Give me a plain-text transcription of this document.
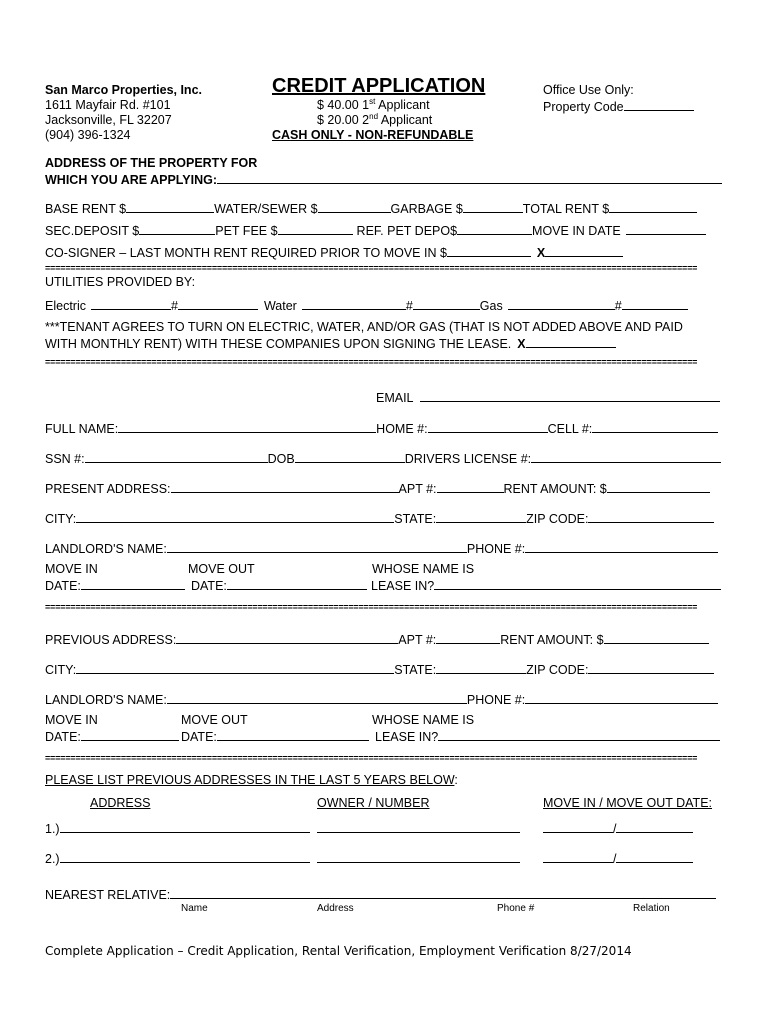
San Marco Properties, Inc.
1611 Mayfair Rd. #101
Jacksonville, FL 32207
(904) 396-1324
CREDIT APPLICATION
$ 40.00 1st Applicant
$ 20.00 2nd Applicant
CASH ONLY - NON-REFUNDABLE
Office Use Only:
Property Code
ADDRESS OF THE PROPERTY FOR
WHICH YOU ARE APPLYING:
BASE RENT $	WATER/SEWER $	GARBAGE $	TOTAL RENT $
SEC.DEPOSIT $	PET FEE $	REF. PET DEPO$	MOVE IN DATE
CO-SIGNER – LAST MONTH RENT REQUIRED PRIOR TO MOVE IN $	X
=================================================================================================================================
UTILITIES PROVIDED BY:
Electric	#	Water	#	Gas	#
***TENANT AGREES TO TURN ON ELECTRIC, WATER, AND/OR GAS (THAT IS NOT ADDED ABOVE AND PAID
WITH MONTHLY RENT) WITH THESE COMPANIES UPON SIGNING THE LEASE. X
=================================================================================================================================
EMAIL
FULL NAME:	HOME #:	CELL #:
SSN #:	DOB	DRIVERS LICENSE #:
PRESENT ADDRESS:	APT #:	RENT AMOUNT: $
CITY:	STATE:	ZIP CODE:
LANDLORD'S NAME:	PHONE #:
MOVE IN	MOVE OUT	WHOSE NAME IS
DATE:	DATE:	LEASE IN?
=================================================================================================================================
PREVIOUS ADDRESS:	APT #:	RENT AMOUNT: $
CITY:	STATE:	ZIP CODE:
LANDLORD'S NAME:	PHONE #:
MOVE IN	MOVE OUT	WHOSE NAME IS
DATE:	DATE:	LEASE IN?
=================================================================================================================================
PLEASE LIST PREVIOUS ADDRESSES IN THE LAST 5 YEARS BELOW:
ADDRESS	OWNER / NUMBER	MOVE IN / MOVE OUT DATE:
1.)	/
2.)	/
NEAREST RELATIVE:
Name	Address	Phone #	Relation
Complete Application – Credit Application, Rental Verification, Employment Verification 8/27/2014
